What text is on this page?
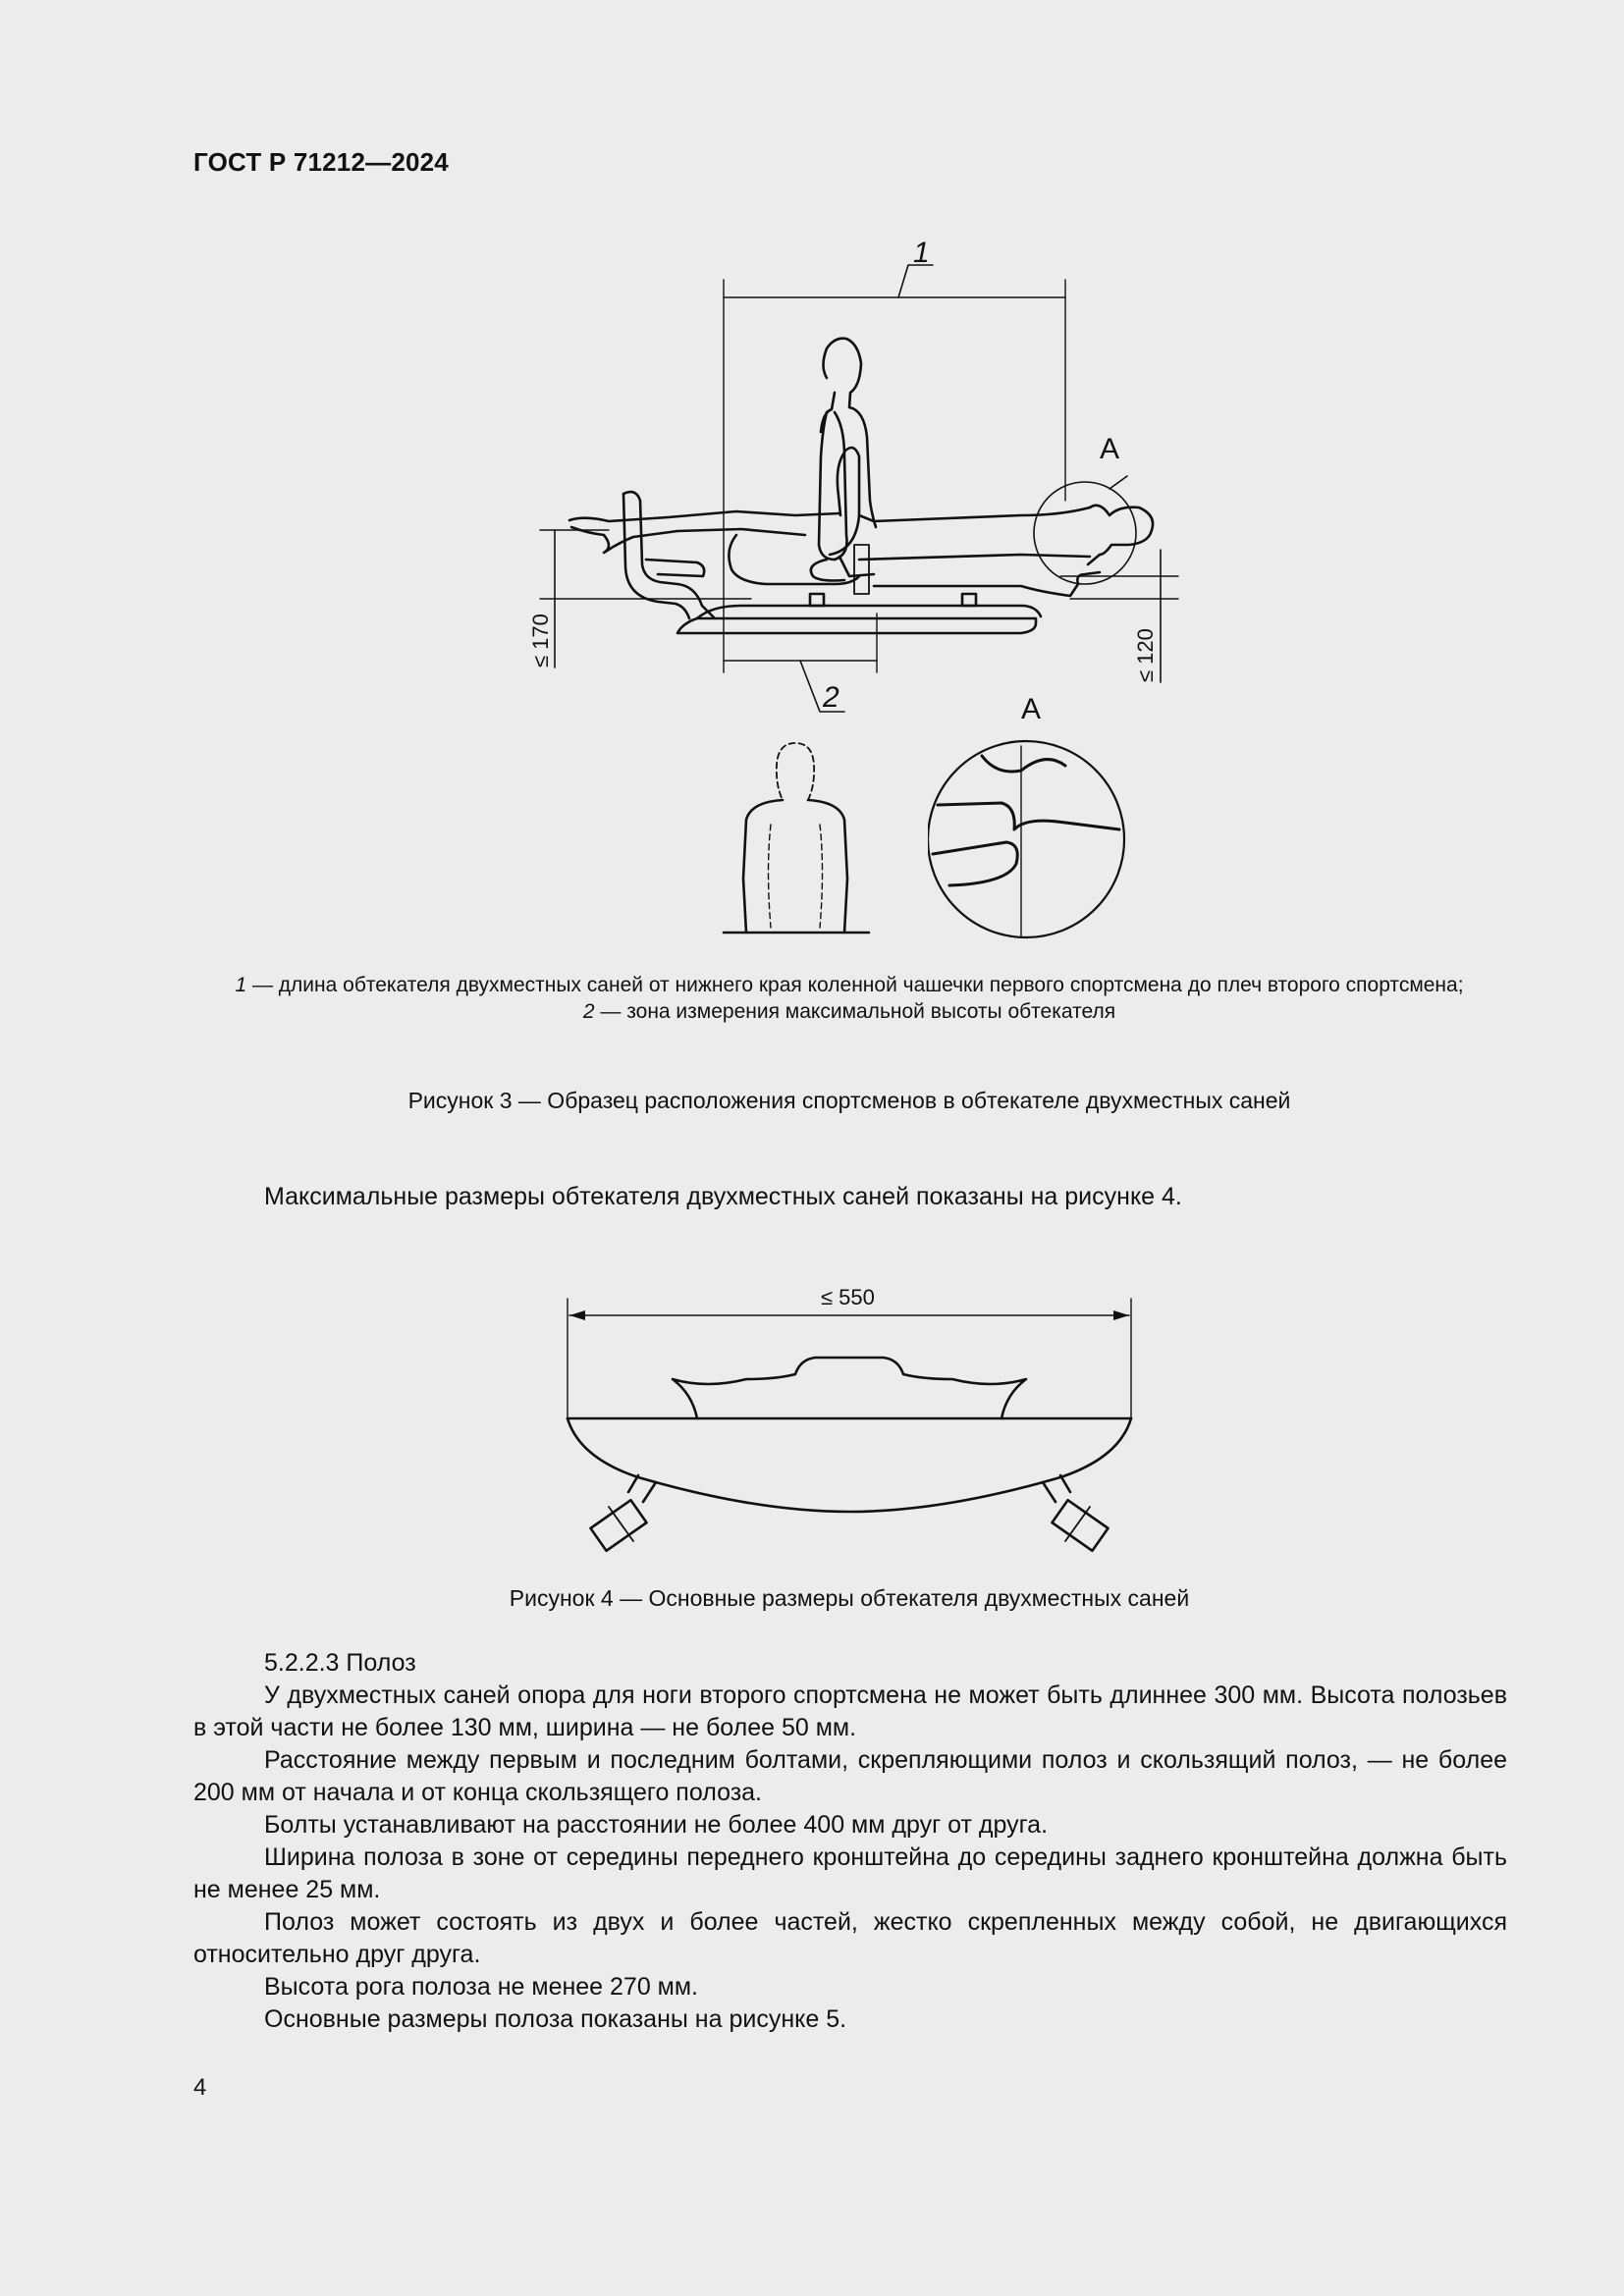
ГОСТ Р 71212—2024
1
2
A
≤ 170	≤ 120
A
1 — длина обтекателя двухместных саней от нижнего края коленной чашечки первого спортсмена до плеч второго спортсмена;
2 — зона измерения максимальной высоты обтекателя
Рисунок 3 — Образец расположения спортсменов в обтекателе двухместных саней

Максимальные размеры обтекателя двухместных саней показаны на рисунке 4.

≤ 550
Рисунок 4 — Основные размеры обтекателя двухместных саней

5.2.2.3 Полоз

У двухместных саней опора для ноги второго спортсмена не может быть длиннее 300 мм. Высота полозьев в этой части не более 130 мм, ширина — не более 50 мм.

Расстояние между первым и последним болтами, скрепляющими полоз и скользящий полоз, — не более 200 мм от начала и от конца скользящего полоза.

Болты устанавливают на расстоянии не более 400 мм друг от друга.

Ширина полоза в зоне от середины переднего кронштейна до середины заднего кронштейна должна быть не менее 25 мм.

Полоз может состоять из двух и более частей, жестко скрепленных между собой, не двигающихся относительно друг друга.

Высота рога полоза не менее 270 мм.

Основные размеры полоза показаны на рисунке 5.

4
